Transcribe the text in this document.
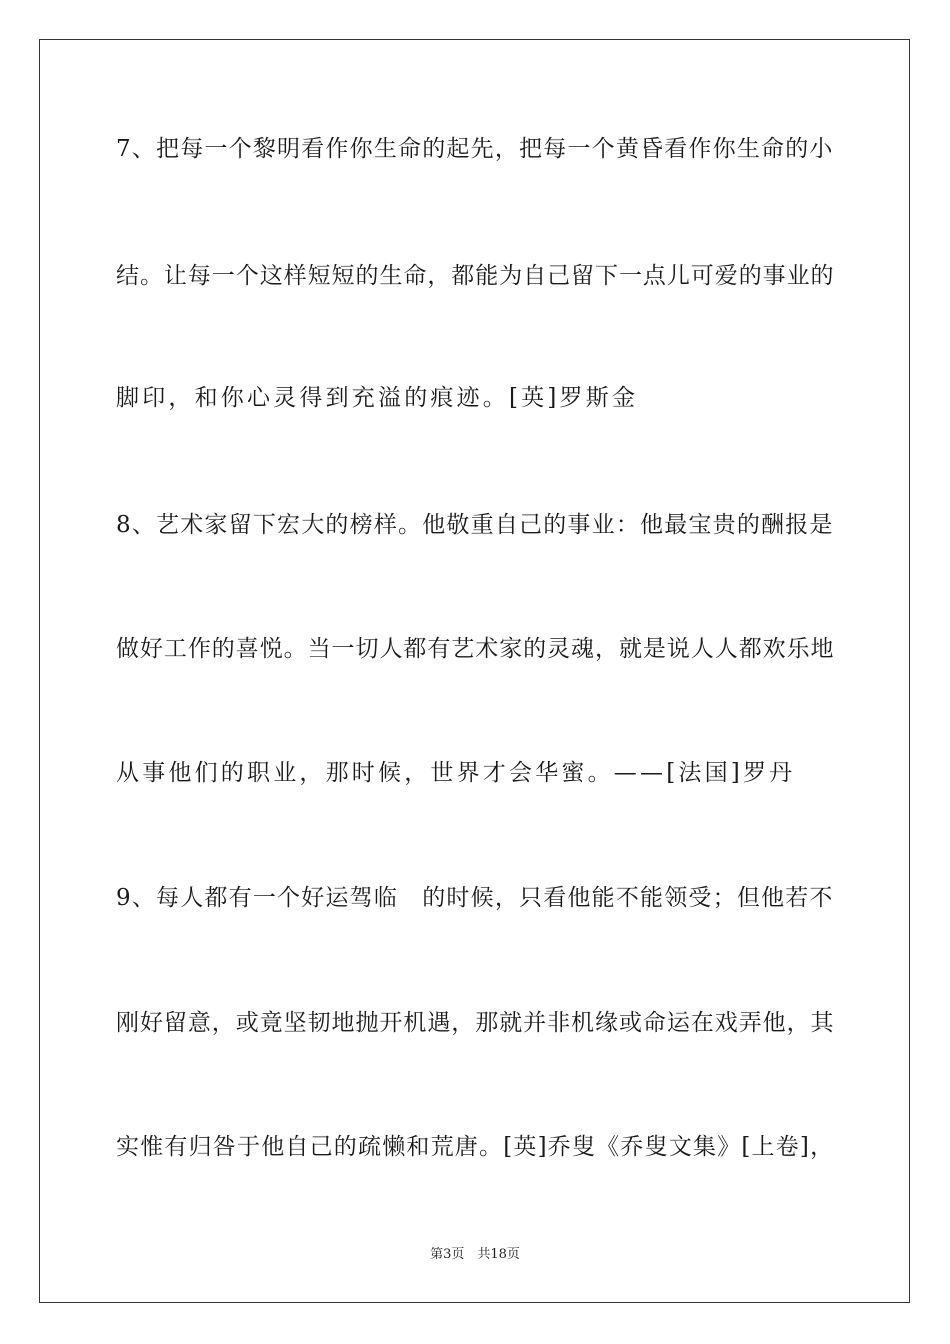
7、把每一个黎明看作你生命的起先，把每一个黄昏看作你生命的小
结。让每一个这样短短的生命，都能为自己留下一点儿可爱的事业的
脚印，和你心灵得到充溢的痕迹。[英]罗斯金
8、艺术家留下宏大的榜样。他敬重自己的事业：他最宝贵的酬报是
做好工作的喜悦。当一切人都有艺术家的灵魂，就是说人人都欢乐地
从事他们的职业，那时候，世界才会华蜜。——[法国]罗丹
9、每人都有一个好运驾临　的时候，只看他能不能领受；但他若不
刚好留意，或竟坚韧地抛开机遇，那就并非机缘或命运在戏弄他，其
实惟有归咎于他自己的疏懒和荒唐。[英]乔叟《乔叟文集》[上卷]，
第3页　共18页
